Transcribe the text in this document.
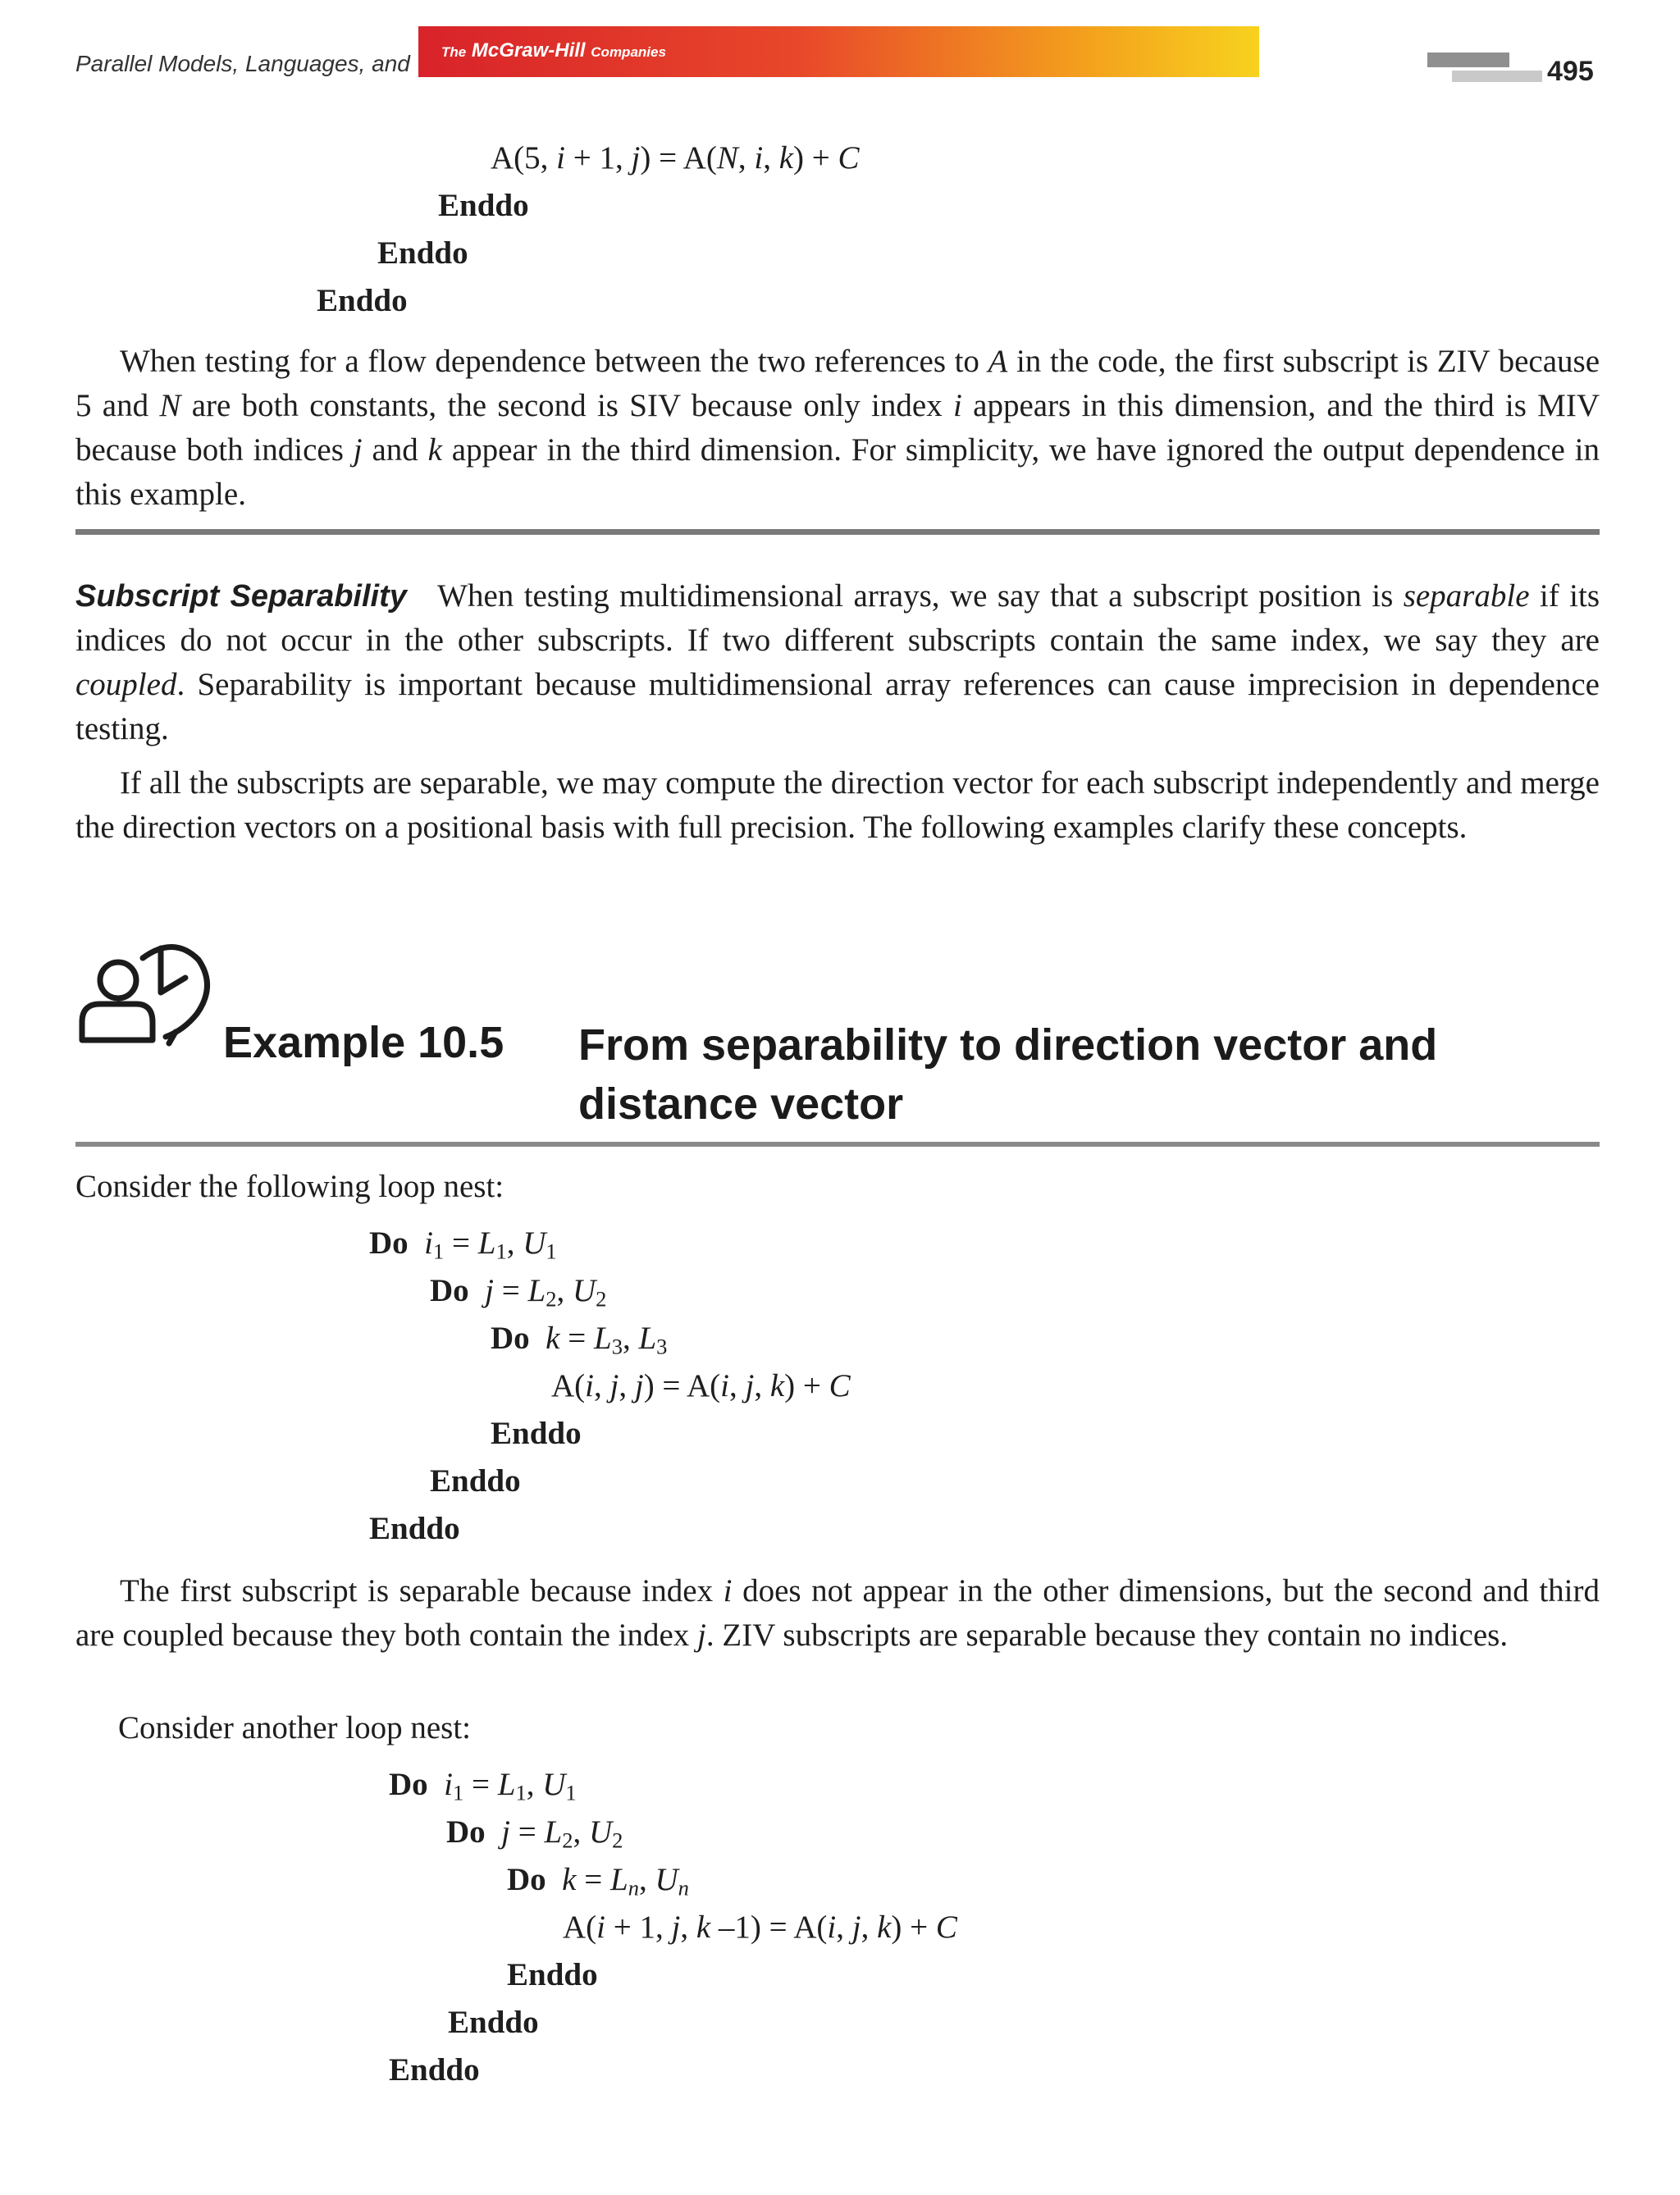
Parallel Models, Languages, and The McGraw-Hill Companies
495
A(5, i + 1, j) = A(N, i, k) + C
Enddo
Enddo
Enddo

When testing for a flow dependence between the two references to A in the code, the first subscript is ZIV because 5 and N are both constants, the second is SIV because only index i appears in this dimension, and the third is MIV because both indices j and k appear in the third dimension. For simplicity, we have ignored the output dependence in this example.

Subscript Separability When testing multidimensional arrays, we say that a subscript position is separable if its indices do not occur in the other subscripts. If two different subscripts contain the same index, we say they are coupled. Separability is important because multidimensional array references can cause imprecision in dependence testing.

If all the subscripts are separable, we may compute the direction vector for each subscript independently and merge the direction vectors on a positional basis with full precision. The following examples clarify these concepts.

Example 10.5 From separability to direction vector and
distance vector
Consider the following loop nest:
Do $i_1 = L_1$, $U_1$
Do $j = L_2$, $U_2$
Do $k = L_3$, $L_3$
A(i, j, j) = A(i, j, k) + C
Enddo
Enddo
Enddo

The first subscript is separable because index i does not appear in the other dimensions, but the second and third are coupled because they both contain the index j. ZIV subscripts are separable because they contain no indices.

Consider another loop nest:
Do $i_1 = L_1$, $U_1$
Do $j = L_2$, $U_2$
Do $k = L_n$, $U_n$
A(i + 1, j, k –1) = A(i, j, k) + C
Enddo
Enddo
Enddo
